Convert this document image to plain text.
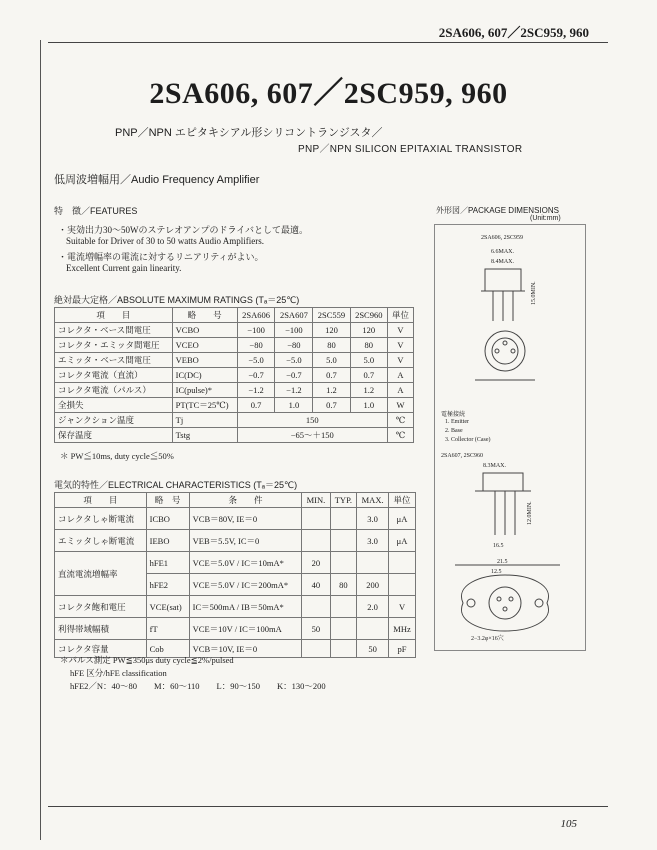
2SA606, 607／2SC959, 960
2SA606, 607／2SC959, 960
PNP／NPN エピタキシアル形シリコントランジスタ／
PNP／NPN SILICON EPITAXIAL TRANSISTOR
低周波増幅用／Audio Frequency Amplifier
特　徴／FEATURES
・実効出力30～50Wのステレオアンプのドライバとして最適。
Suitable for Driver of 30 to 50 watts Audio Amplifiers.
・電流増幅率の電流に対するリニアリティがよい。
Excellent Current gain linearity.
絶対最大定格／ABSOLUTE MAXIMUM RATINGS (Tₐ＝25℃)
項　　目	略　　号	2SA606	2SA607	2SC559	2SC960	単位
コレクタ・ベース間電圧	VCBO	−100	−100	120	120	V
コレクタ・エミッタ間電圧	VCEO	−80	−80	80	80	V
エミッタ・ベース間電圧	VEBO	−5.0	−5.0	5.0	5.0	V
コレクタ電流（直流）	IC(DC)	−0.7	−0.7	0.7	0.7	A
コレクタ電流（パルス）	IC(pulse)*	−1.2	−1.2	1.2	1.2	A
全損失	PT(TC＝25℃)	0.7	1.0	0.7	1.0	W
ジャンクション温度	Tj	150				℃
保存温度	Tstg	−65～＋150				℃
＊ PW≦10ms, duty cycle≦50%
電気的特性／ELECTRICAL CHARACTERISTICS (Tₐ＝25℃)
項　　目	略　号	条　　件	MIN.	TYP.	MAX.	単位
コレクタしゃ断電流	ICBO	VCB＝80V, IE＝0			3.0	μA
エミッタしゃ断電流	IEBO	VEB＝5.5V, IC＝0			3.0	μA
直流電流増幅率	hFE1	VCE＝5.0V / IC＝10mA*	20			
	hFE2	VCE＝5.0V / IC＝200mA*	40	80	200	
コレクタ飽和電圧	VCE(sat)	IC＝500mA / IB＝50mA*			2.0	V
利得帯域幅積	fT	VCE＝10V / IC＝100mA	50			MHz
コレクタ容量	Cob	VCB＝10V, IE＝0			50	pF
＊パルス測定 PW≦350μs duty cycle≦2%/pulsed
hFE 区分/hFE classification
hFE2／N：40～80　　M：60～110　　L：90～150　　K：130～200
外形図／PACKAGE DIMENSIONS
(Unit:mm)
2SA606, 2SC959
6.6MAX.
8.4MAX.
電極接続
1. Emitter
2. Base
3. Collector (Case)
2SA607, 2SC960
8.3MAX.
21.5
12.5
16.5
15.0MIN.
12.0MIN.
2−3.2φ×16穴
105
